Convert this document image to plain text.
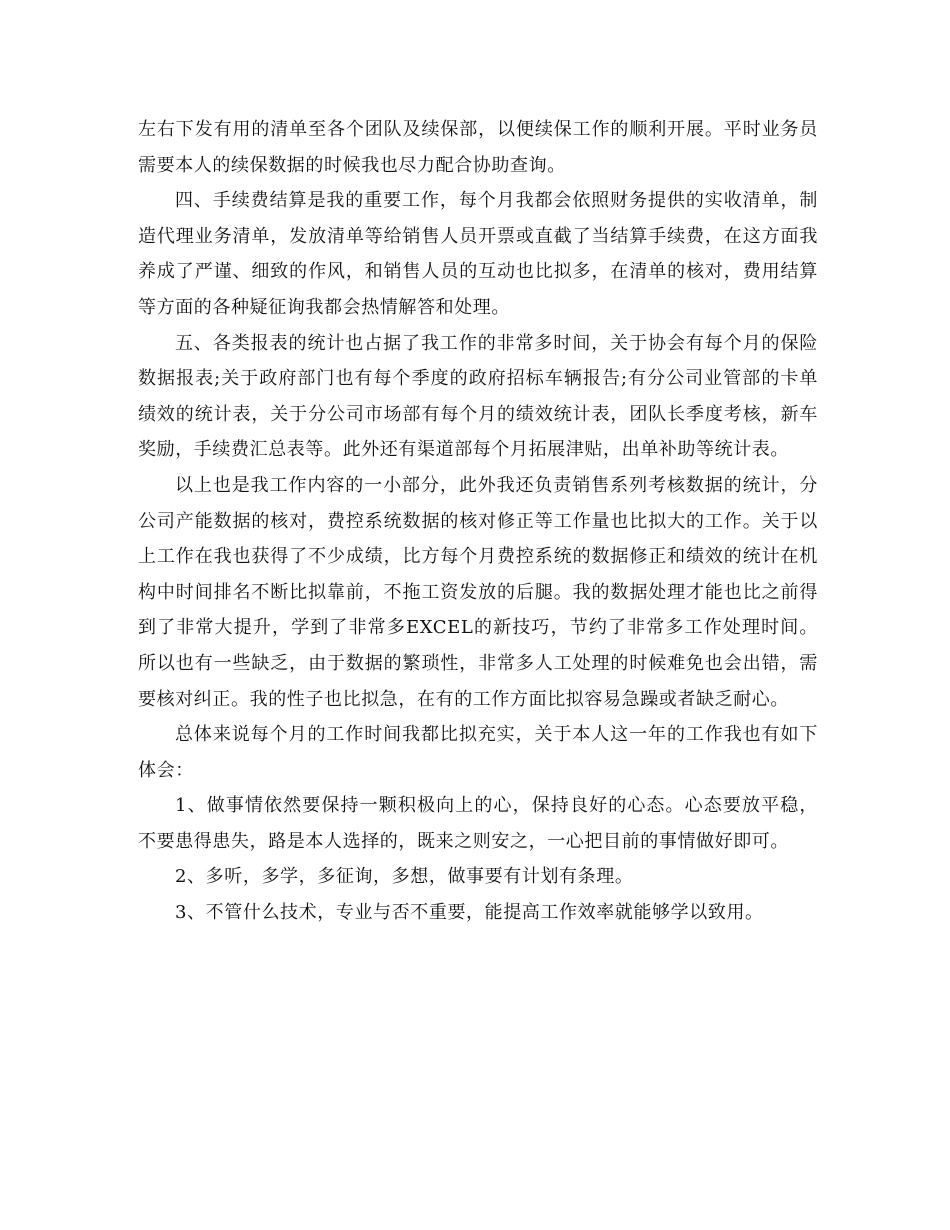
左右下发有用的清单至各个团队及续保部，以便续保工作的顺利开展。平时业务员需要本人的续保数据的时候我也尽力配合协助查询。

四、手续费结算是我的重要工作，每个月我都会依照财务提供的实收清单，制造代理业务清单，发放清单等给销售人员开票或直截了当结算手续费，在这方面我养成了严谨、细致的作风，和销售人员的互动也比拟多，在清单的核对，费用结算等方面的各种疑征询我都会热情解答和处理。

五、各类报表的统计也占据了我工作的非常多时间，关于协会有每个月的保险数据报表;关于政府部门也有每个季度的政府招标车辆报告;有分公司业管部的卡单绩效的统计表，关于分公司市场部有每个月的绩效统计表，团队长季度考核，新车奖励，手续费汇总表等。此外还有渠道部每个月拓展津贴，出单补助等统计表。

以上也是我工作内容的一小部分，此外我还负责销售系列考核数据的统计，分公司产能数据的核对，费控系统数据的核对修正等工作量也比拟大的工作。关于以上工作在我也获得了不少成绩，比方每个月费控系统的数据修正和绩效的统计在机构中时间排名不断比拟靠前，不拖工资发放的后腿。我的数据处理才能也比之前得到了非常大提升，学到了非常多EXCEL的新技巧，节约了非常多工作处理时间。所以也有一些缺乏，由于数据的繁琐性，非常多人工处理的时候难免也会出错，需要核对纠正。我的性子也比拟急，在有的工作方面比拟容易急躁或者缺乏耐心。

总体来说每个月的工作时间我都比拟充实，关于本人这一年的工作我也有如下体会：

1、做事情依然要保持一颗积极向上的心，保持良好的心态。心态要放平稳，不要患得患失，路是本人选择的，既来之则安之，一心把目前的事情做好即可。

2、多听，多学，多征询，多想，做事要有计划有条理。

3、不管什么技术，专业与否不重要，能提高工作效率就能够学以致用。
